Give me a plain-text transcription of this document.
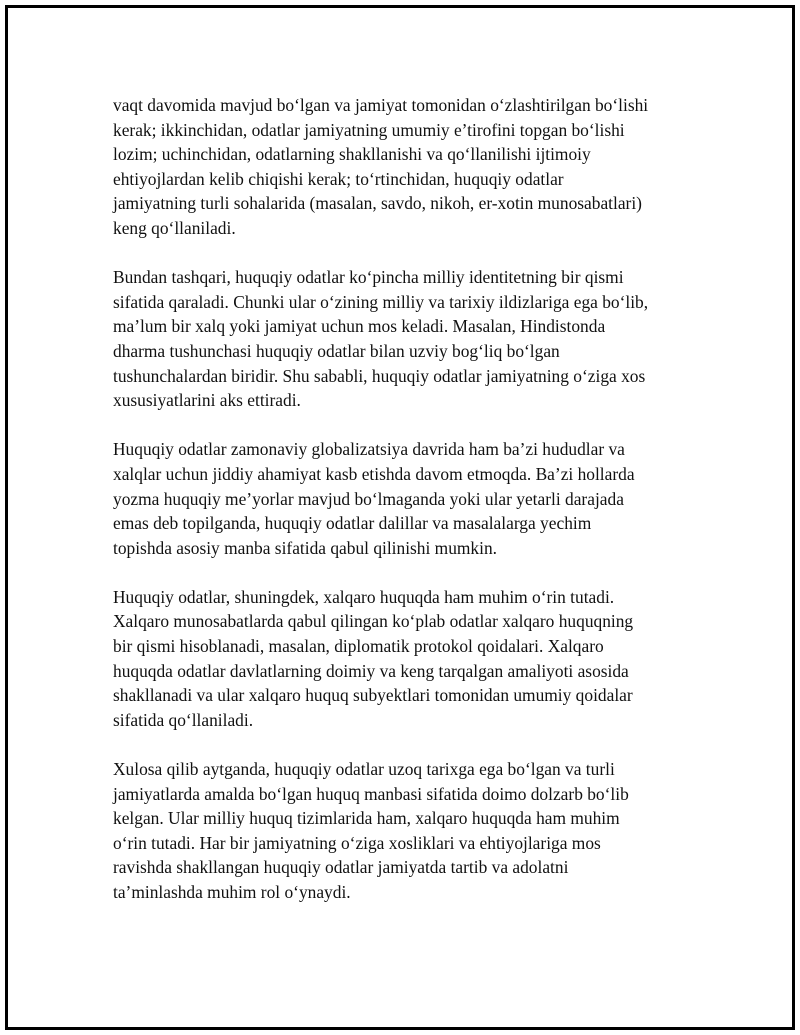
vaqt davomida mavjud bo‘lgan va jamiyat tomonidan o‘zlashtirilgan bo‘lishi
kerak; ikkinchidan, odatlar jamiyatning umumiy e’tirofini topgan bo‘lishi
lozim; uchinchidan, odatlarning shakllanishi va qo‘llanilishi ijtimoiy
ehtiyojlardan kelib chiqishi kerak; to‘rtinchidan, huquqiy odatlar
jamiyatning turli sohalarida (masalan, savdo, nikoh, er-xotin munosabatlari)
keng qo‘llaniladi.

Bundan tashqari, huquqiy odatlar ko‘pincha milliy identitetning bir qismi
sifatida qaraladi. Chunki ular o‘zining milliy va tarixiy ildizlariga ega bo‘lib,
ma’lum bir xalq yoki jamiyat uchun mos keladi. Masalan, Hindistonda
dharma tushunchasi huquqiy odatlar bilan uzviy bog‘liq bo‘lgan
tushunchalardan biridir. Shu sababli, huquqiy odatlar jamiyatning o‘ziga xos
xususiyatlarini aks ettiradi.

Huquqiy odatlar zamonaviy globalizatsiya davrida ham ba’zi hududlar va
xalqlar uchun jiddiy ahamiyat kasb etishda davom etmoqda. Ba’zi hollarda
yozma huquqiy me’yorlar mavjud bo‘lmaganda yoki ular yetarli darajada
emas deb topilganda, huquqiy odatlar dalillar va masalalarga yechim
topishda asosiy manba sifatida qabul qilinishi mumkin.

Huquqiy odatlar, shuningdek, xalqaro huquqda ham muhim o‘rin tutadi.
Xalqaro munosabatlarda qabul qilingan ko‘plab odatlar xalqaro huquqning
bir qismi hisoblanadi, masalan, diplomatik protokol qoidalari. Xalqaro
huquqda odatlar davlatlarning doimiy va keng tarqalgan amaliyoti asosida
shakllanadi va ular xalqaro huquq subyektlari tomonidan umumiy qoidalar
sifatida qo‘llaniladi.

Xulosa qilib aytganda, huquqiy odatlar uzoq tarixga ega bo‘lgan va turli
jamiyatlarda amalda bo‘lgan huquq manbasi sifatida doimo dolzarb bo‘lib
kelgan. Ular milliy huquq tizimlarida ham, xalqaro huquqda ham muhim
o‘rin tutadi. Har bir jamiyatning o‘ziga xosliklari va ehtiyojlariga mos
ravishda shakllangan huquqiy odatlar jamiyatda tartib va adolatni
ta’minlashda muhim rol o‘ynaydi.
